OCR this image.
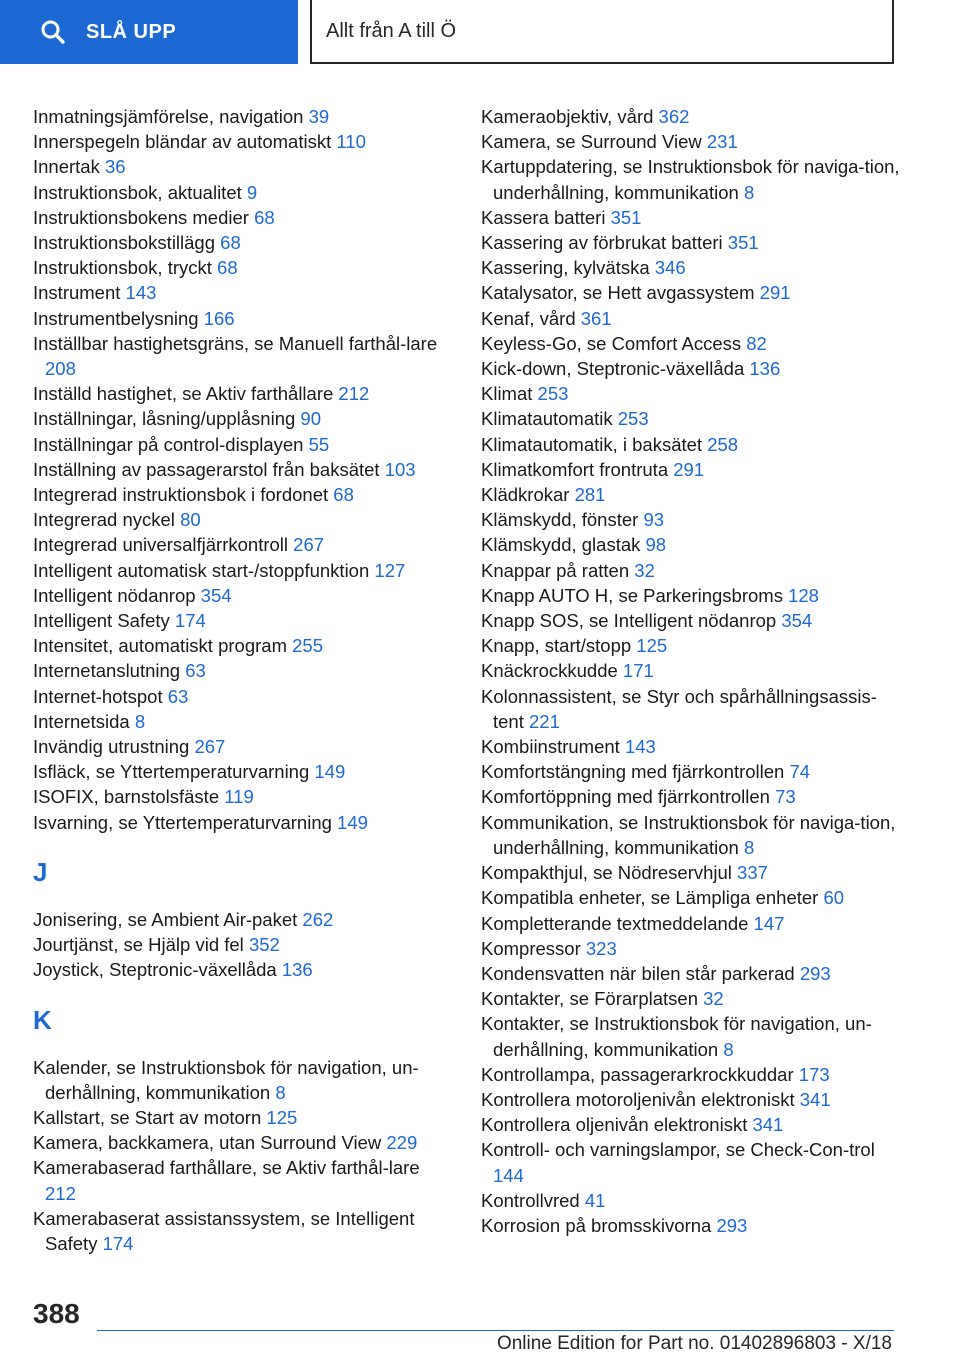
SLÅ UPP	Allt från A till Ö
Inmatningsjämförelse, navigation 39
Innerspegeln bländar av automatiskt 110
Innertak 36
Instruktionsbok, aktualitet 9
Instruktionsbokens medier 68
Instruktionsbokstillägg 68
Instruktionsbok, tryckt 68
Instrument 143
Instrumentbelysning 166
Inställbar hastighetsgräns, se Manuell farthål‐lare 208
Inställd hastighet, se Aktiv farthållare 212
Inställningar, låsning/upplåsning 90
Inställningar på control-displayen 55
Inställning av passagerarstol från baksätet 103
Integrerad instruktionsbok i fordonet 68
Integrerad nyckel 80
Integrerad universalfjärrkontroll 267
Intelligent automatisk start-/stoppfunktion 127
Intelligent nödanrop 354
Intelligent Safety 174
Intensitet, automatiskt program 255
Internetanslutning 63
Internet-hotspot 63
Internetsida 8
Invändig utrustning 267
Isfläck, se Yttertemperaturvarning 149
ISOFIX, barnstolsfäste 119
Isvarning, se Yttertemperaturvarning 149
J
Jonisering, se Ambient Air-paket 262
Jourtjänst, se Hjälp vid fel 352
Joystick, Steptronic-växellåda 136
K
Kalender, se Instruktionsbok för navigation, un‐derhållning, kommunikation 8
Kallstart, se Start av motorn 125
Kamera, backkamera, utan Surround View 229
Kamerabaserad farthållare, se Aktiv farthål‐lare 212
Kamerabaserat assistanssystem, se Intelligent Safety 174
Kameraobjektiv, vård 362
Kamera, se Surround View 231
Kartuppdatering, se Instruktionsbok för naviga‐tion, underhållning, kommunikation 8
Kassera batteri 351
Kassering av förbrukat batteri 351
Kassering, kylvätska 346
Katalysator, se Hett avgassystem 291
Kenaf, vård 361
Keyless-Go, se Comfort Access 82
Kick-down, Steptronic-växellåda 136
Klimat 253
Klimatautomatik 253
Klimatautomatik, i baksätet 258
Klimatkomfort frontruta 291
Klädkrokar 281
Klämskydd, fönster 93
Klämskydd, glastak 98
Knappar på ratten 32
Knapp AUTO H, se Parkeringsbroms 128
Knapp SOS, se Intelligent nödanrop 354
Knapp, start/stopp 125
Knäckrockkudde 171
Kolonnassistent, se Styr och spårhållningsassis‐tent 221
Kombiinstrument 143
Komfortstängning med fjärrkontrollen 74
Komfortöppning med fjärrkontrollen 73
Kommunikation, se Instruktionsbok för naviga‐tion, underhållning, kommunikation 8
Kompakthjul, se Nödreservhjul 337
Kompatibla enheter, se Lämpliga enheter 60
Kompletterande textmeddelande 147
Kompressor 323
Kondensvatten när bilen står parkerad 293
Kontakter, se Förarplatsen 32
Kontakter, se Instruktionsbok för navigation, un‐derhållning, kommunikation 8
Kontrollampa, passagerarkrockkuddar 173
Kontrollera motoroljenivån elektroniskt 341
Kontrollera oljenivån elektroniskt 341
Kontroll- och varningslampor, se Check-Con‐trol 144
Kontrollvred 41
Korrosion på bromsskivorna 293
388
Online Edition for Part no. 01402896803 - X/18
